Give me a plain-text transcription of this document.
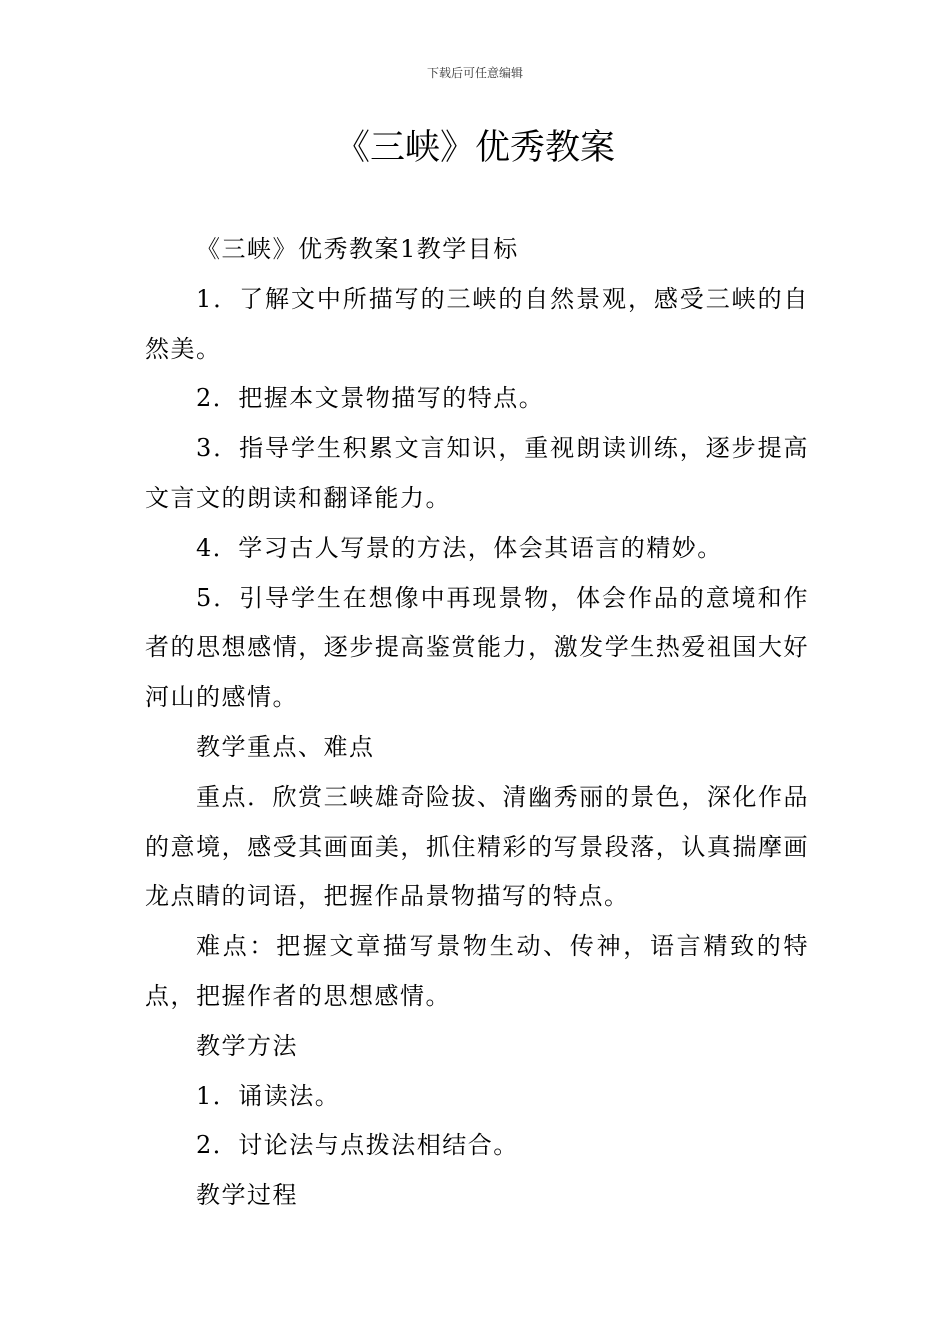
下载后可任意编辑
《三峡》优秀教案

《三峡》优秀教案1教学目标

1．了解文中所描写的三峡的自然景观，感受三峡的自然美。

2．把握本文景物描写的特点。

3．指导学生积累文言知识，重视朗读训练，逐步提高文言文的朗读和翻译能力。

4．学习古人写景的方法，体会其语言的精妙。

5．引导学生在想像中再现景物，体会作品的意境和作者的思想感情，逐步提高鉴赏能力，激发学生热爱祖国大好河山的感情。

教学重点、难点

重点．欣赏三峡雄奇险拔、清幽秀丽的景色，深化作品的意境，感受其画面美，抓住精彩的写景段落，认真揣摩画龙点睛的词语，把握作品景物描写的特点。

难点：把握文章描写景物生动、传神，语言精致的特点，把握作者的思想感情。

教学方法

1．诵读法。

2．讨论法与点拨法相结合。

教学过程
